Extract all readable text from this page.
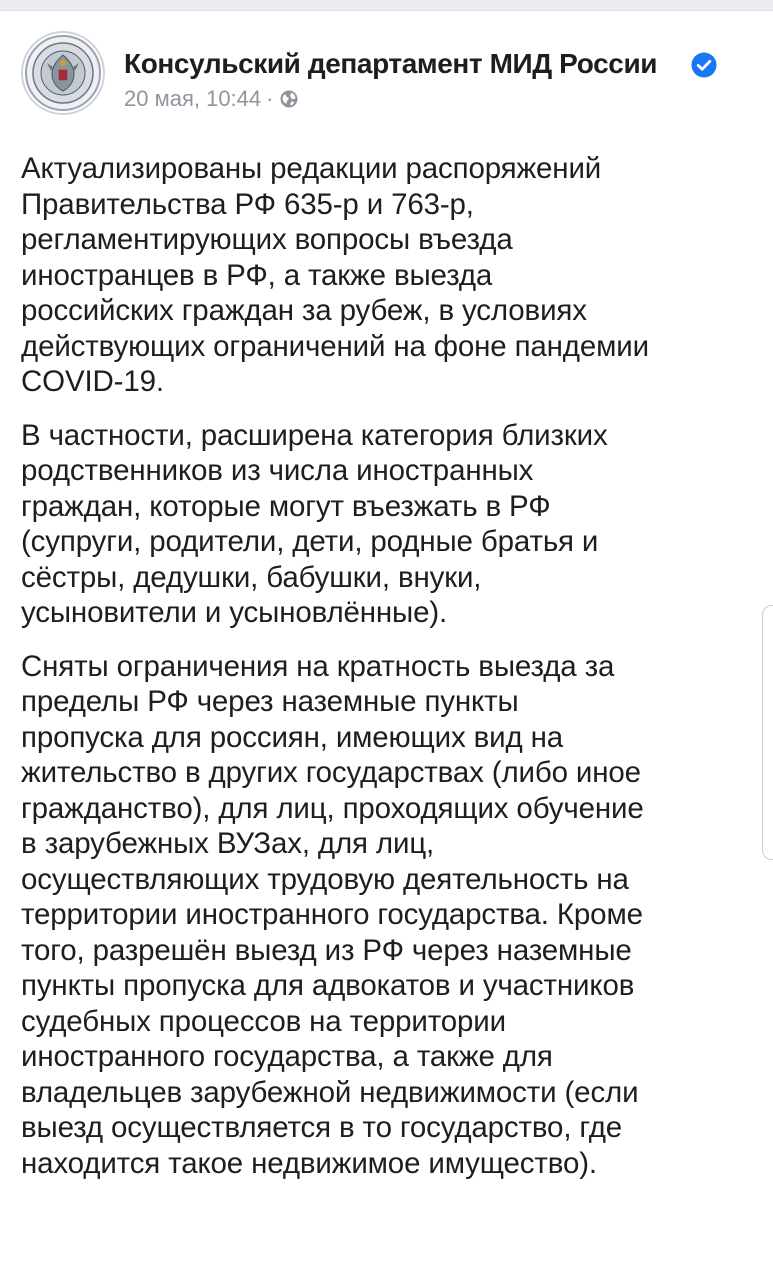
Консульский департамент МИД России
20 мая, 10:44 ·

Актуализированы редакции распоряжений
Правительства РФ 635-р и 763-р,
регламентирующих вопросы въезда
иностранцев в РФ, а также выезда
российских граждан за рубеж, в условиях
действующих ограничений на фоне пандемии
COVID-19.

В частности, расширена категория близких
родственников из числа иностранных
граждан, которые могут въезжать в РФ
(супруги, родители, дети, родные братья и
сёстры, дедушки, бабушки, внуки,
усыновители и усыновлённые).

Сняты ограничения на кратность выезда за
пределы РФ через наземные пункты
пропуска для россиян, имеющих вид на
жительство в других государствах (либо иное
гражданство), для лиц, проходящих обучение
в зарубежных ВУЗах, для лиц,
осуществляющих трудовую деятельность на
территории иностранного государства. Кроме
того, разрешён выезд из РФ через наземные
пункты пропуска для адвокатов и участников
судебных процессов на территории
иностранного государства, а также для
владельцев зарубежной недвижимости (если
выезд осуществляется в то государство, где
находится такое недвижимое имущество).
